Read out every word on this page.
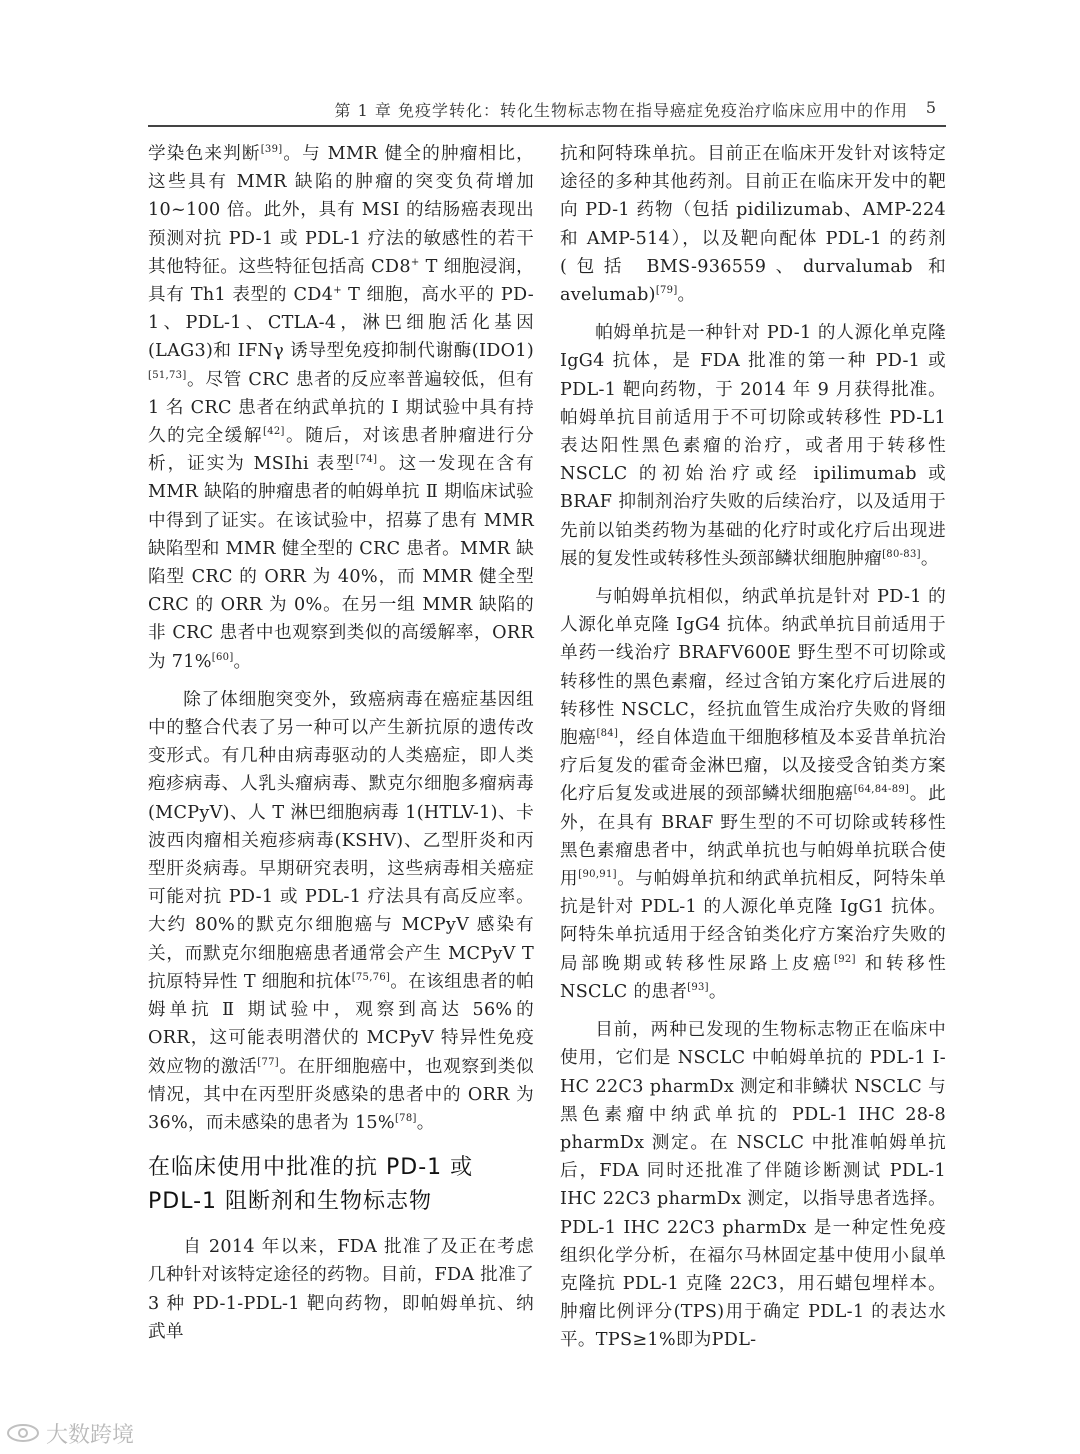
第 1 章 免疫学转化：转化生物标志物在指导癌症免疫治疗临床应用中的作用 5

学染色来判断[39]。与 MMR 健全的肿瘤相比，这些具有 MMR 缺陷的肿瘤的突变负荷增加 10~100 倍。此外，具有 MSI 的结肠癌表现出预测对抗 PD-1 或 PDL-1 疗法的敏感性的若干其他特征。这些特征包括高 CD8+ T 细胞浸润，具有 Th1 表型的 CD4+ T 细胞，高水平的 PD-1、PDL-1、CTLA-4，淋巴细胞活化基因(LAG3)和 IFNγ 诱导型免疫抑制代谢酶(IDO1)[51,73]。尽管 CRC 患者的反应率普遍较低，但有 1 名 CRC 患者在纳武单抗的 Ⅰ 期试验中具有持久的完全缓解[42]。随后，对该患者肿瘤进行分析，证实为 MSIhi 表型[74]。这一发现在含有 MMR 缺陷的肿瘤患者的帕姆单抗 Ⅱ 期临床试验中得到了证实。在该试验中，招募了患有 MMR 缺陷型和 MMR 健全型的 CRC 患者。MMR 缺陷型 CRC 的 ORR 为 40%，而 MMR 健全型 CRC 的 ORR 为 0%。在另一组 MMR 缺陷的非 CRC 患者中也观察到类似的高缓解率，ORR 为 71%[60]。

除了体细胞突变外，致癌病毒在癌症基因组中的整合代表了另一种可以产生新抗原的遗传改变形式。有几种由病毒驱动的人类癌症，即人类疱疹病毒、人乳头瘤病毒、默克尔细胞多瘤病毒(MCPyV)、人 T 淋巴细胞病毒 1(HTLV-1)、卡波西肉瘤相关疱疹病毒(KSHV)、乙型肝炎和丙型肝炎病毒。早期研究表明，这些病毒相关癌症可能对抗 PD-1 或 PDL-1 疗法具有高反应率。大约 80%的默克尔细胞癌与 MCPyV 感染有关，而默克尔细胞癌患者通常会产生 MCPyV T 抗原特异性 T 细胞和抗体[75,76]。在该组患者的帕姆单抗 Ⅱ 期试验中，观察到高达 56%的 ORR，这可能表明潜伏的 MCPyV 特异性免疫效应物的激活[77]。在肝细胞癌中，也观察到类似情况，其中在丙型肝炎感染的患者中的 ORR 为 36%，而未感染的患者为 15%[78]。

在临床使用中批准的抗 PD-1 或 PDL-1 阻断剂和生物标志物

自 2014 年以来，FDA 批准了及正在考虑几种针对该特定途径的药物。目前，FDA 批准了 3 种 PD-1-PDL-1 靶向药物，即帕姆单抗、纳武单

抗和阿特珠单抗。目前正在临床开发针对该特定途径的多种其他药剂。目前正在临床开发中的靶向 PD-1 药物（包括 pidilizumab、AMP-224 和 AMP-514），以及靶向配体 PDL-1 的药剂(包括 BMS-936559、durvalumab 和 avelumab)[79]。

帕姆单抗是一种针对 PD-1 的人源化单克隆 IgG4 抗体，是 FDA 批准的第一种 PD-1 或 PDL-1 靶向药物，于 2014 年 9 月获得批准。帕姆单抗目前适用于不可切除或转移性 PD-L1 表达阳性黑色素瘤的治疗，或者用于转移性 NSCLC 的初始治疗或经 ipilimumab 或 BRAF 抑制剂治疗失败的后续治疗，以及适用于先前以铂类药物为基础的化疗时或化疗后出现进展的复发性或转移性头颈部鳞状细胞肿瘤[80-83]。

与帕姆单抗相似，纳武单抗是针对 PD-1 的人源化单克隆 IgG4 抗体。纳武单抗目前适用于单药一线治疗 BRAFV600E 野生型不可切除或转移性的黑色素瘤，经过含铂方案化疗后进展的转移性 NSCLC，经抗血管生成治疗失败的肾细胞癌[84]，经自体造血干细胞移植及本妥昔单抗治疗后复发的霍奇金淋巴瘤，以及接受含铂类方案化疗后复发或进展的颈部鳞状细胞癌[64,84-89]。此外，在具有 BRAF 野生型的不可切除或转移性黑色素瘤患者中，纳武单抗也与帕姆单抗联合使用[90,91]。与帕姆单抗和纳武单抗相反，阿特朱单抗是针对 PDL-1 的人源化单克隆 IgG1 抗体。阿特朱单抗适用于经含铂类化疗方案治疗失败的局部晚期或转移性尿路上皮癌[92] 和转移性 NSCLC 的患者[93]。

目前，两种已发现的生物标志物正在临床中使用，它们是 NSCLC 中帕姆单抗的 PDL-1 I-HC 22C3 pharmDx 测定和非鳞状 NSCLC 与黑色素瘤中纳武单抗的 PDL-1 IHC 28-8 pharmDx 测定。在 NSCLC 中批准帕姆单抗后，FDA 同时还批准了伴随诊断测试 PDL-1 IHC 22C3 pharmDx 测定，以指导患者选择。PDL-1 IHC 22C3 pharmDx 是一种定性免疫组织化学分析，在福尔马林固定基中使用小鼠单克隆抗 PDL-1 克隆 22C3，用石蜡包埋样本。肿瘤比例评分(TPS)用于确定 PDL-1 的表达水平。TPS≥1%即为PDL-

大数跨境
